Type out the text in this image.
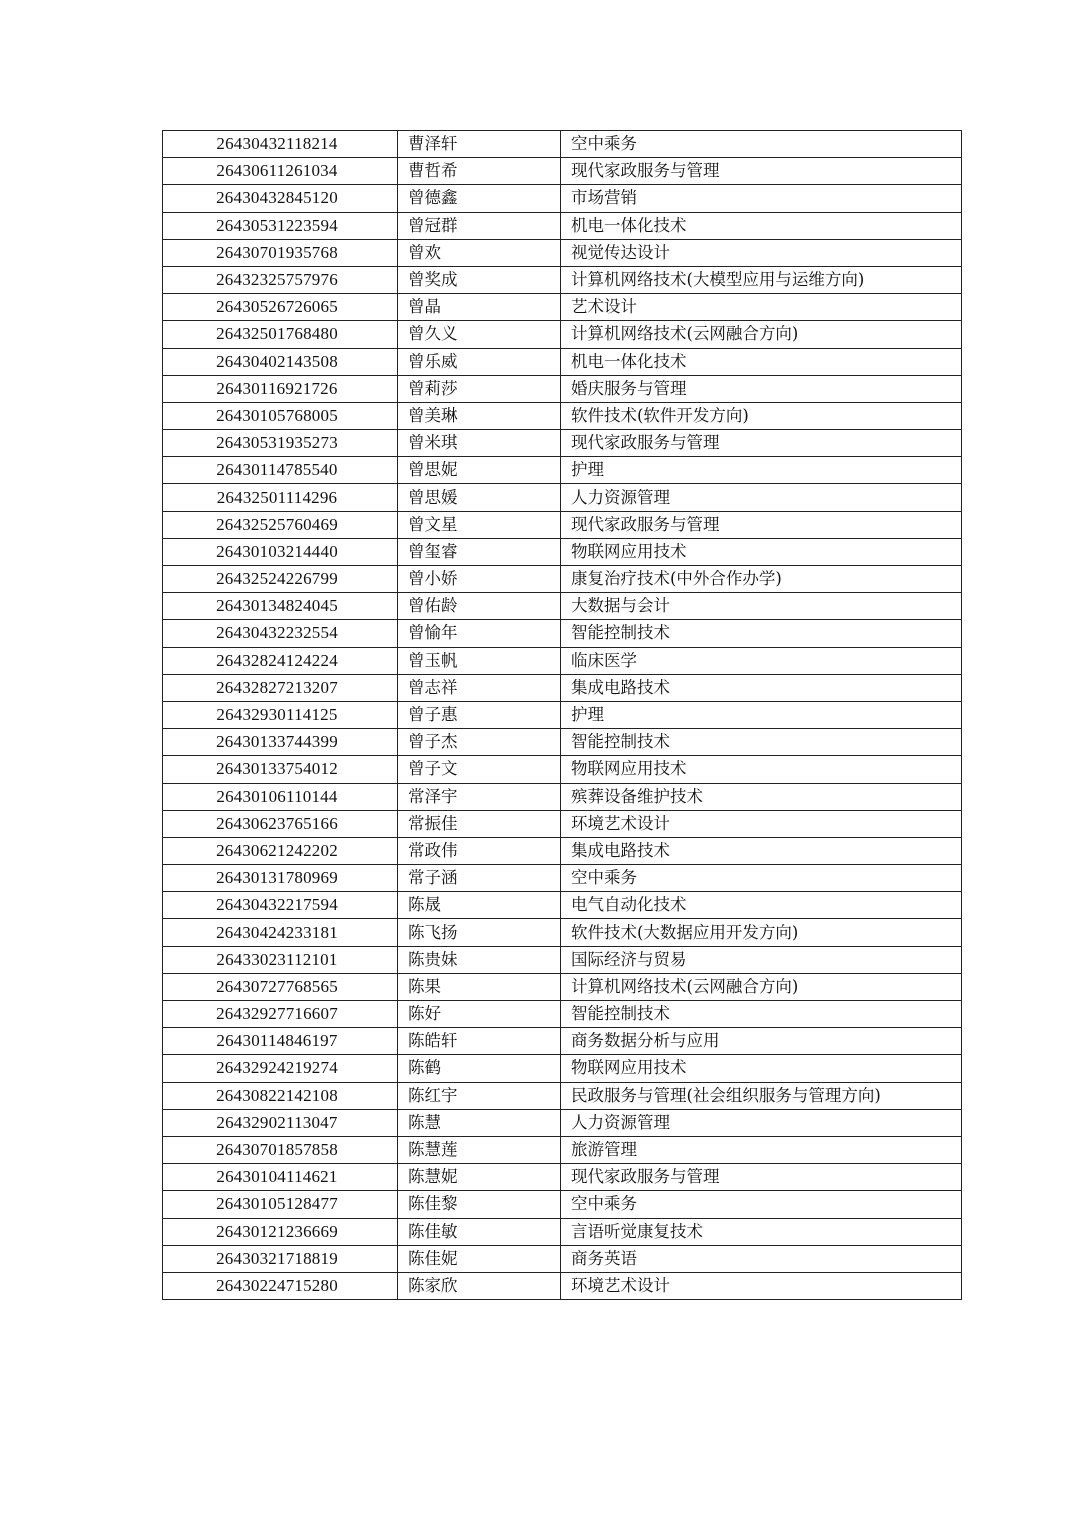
26430432118214	曹泽轩	空中乘务
26430611261034	曹哲希	现代家政服务与管理
26430432845120	曾德鑫	市场营销
26430531223594	曾冠群	机电一体化技术
26430701935768	曾欢	视觉传达设计
26432325757976	曾奖成	计算机网络技术(大模型应用与运维方向)
26430526726065	曾晶	艺术设计
26432501768480	曾久义	计算机网络技术(云网融合方向)
26430402143508	曾乐威	机电一体化技术
26430116921726	曾莉莎	婚庆服务与管理
26430105768005	曾美琳	软件技术(软件开发方向)
26430531935273	曾米琪	现代家政服务与管理
26430114785540	曾思妮	护理
26432501114296	曾思媛	人力资源管理
26432525760469	曾文星	现代家政服务与管理
26430103214440	曾玺睿	物联网应用技术
26432524226799	曾小娇	康复治疗技术(中外合作办学)
26430134824045	曾佑龄	大数据与会计
26430432232554	曾愉年	智能控制技术
26432824124224	曾玉帆	临床医学
26432827213207	曾志祥	集成电路技术
26432930114125	曾子惠	护理
26430133744399	曾子杰	智能控制技术
26430133754012	曾子文	物联网应用技术
26430106110144	常泽宇	殡葬设备维护技术
26430623765166	常振佳	环境艺术设计
26430621242202	常政伟	集成电路技术
26430131780969	常子涵	空中乘务
26430432217594	陈晟	电气自动化技术
26430424233181	陈飞扬	软件技术(大数据应用开发方向)
26433023112101	陈贵妹	国际经济与贸易
26430727768565	陈果	计算机网络技术(云网融合方向)
26432927716607	陈好	智能控制技术
26430114846197	陈皓轩	商务数据分析与应用
26432924219274	陈鹤	物联网应用技术
26430822142108	陈红宇	民政服务与管理(社会组织服务与管理方向)
26432902113047	陈慧	人力资源管理
26430701857858	陈慧莲	旅游管理
26430104114621	陈慧妮	现代家政服务与管理
26430105128477	陈佳黎	空中乘务
26430121236669	陈佳敏	言语听觉康复技术
26430321718819	陈佳妮	商务英语
26430224715280	陈家欣	环境艺术设计
